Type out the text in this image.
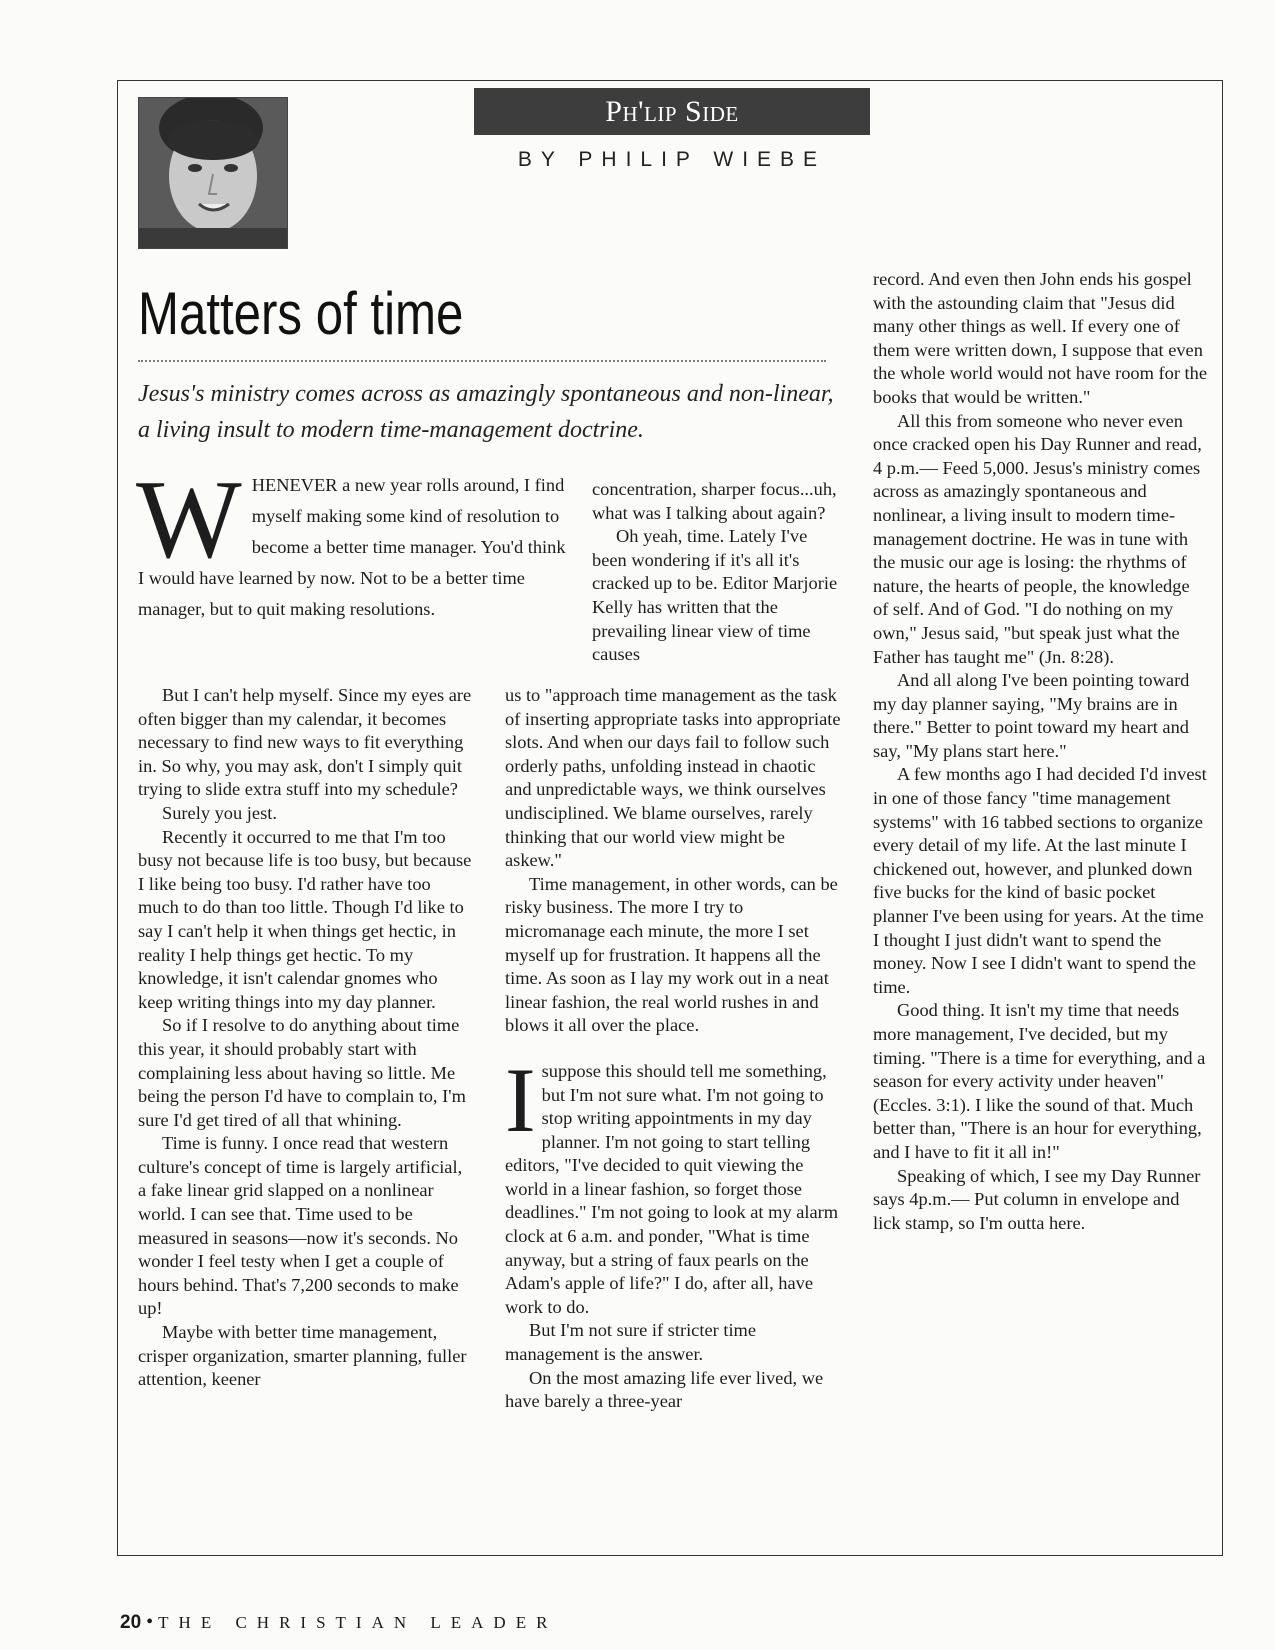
Ph'lip Side
BY PHILIP WIEBE
Matters of time

Jesus's ministry comes across as amazingly spontaneous and non-linear, a living insult to modern time-management doctrine.

W HENEVER a new year rolls around, I find myself making some kind of resolution to become a better time manager. You'd think I would have learned by now. Not to be a better time manager, but to quit making resolutions.

concentration, sharper focus...uh, what was I talking about again?

Oh yeah, time. Lately I've been wondering if it's all it's cracked up to be. Editor Marjorie Kelly has written that the prevailing linear view of time causes

But I can't help myself. Since my eyes are often bigger than my calendar, it becomes necessary to find new ways to fit everything in. So why, you may ask, don't I simply quit trying to slide extra stuff into my schedule?

Surely you jest.

Recently it occurred to me that I'm too busy not because life is too busy, but because I like being too busy. I'd rather have too much to do than too little. Though I'd like to say I can't help it when things get hectic, in reality I help things get hectic. To my knowledge, it isn't calendar gnomes who keep writing things into my day planner.

So if I resolve to do anything about time this year, it should probably start with complaining less about having so little. Me being the person I'd have to complain to, I'm sure I'd get tired of all that whining.

Time is funny. I once read that western culture's concept of time is largely artificial, a fake linear grid slapped on a nonlinear world. I can see that. Time used to be measured in seasons—now it's seconds. No wonder I feel testy when I get a couple of hours behind. That's 7,200 seconds to make up!

Maybe with better time management, crisper organization, smarter planning, fuller attention, keener

us to "approach time management as the task of inserting appropriate tasks into appropriate slots. And when our days fail to follow such orderly paths, unfolding instead in chaotic and unpredictable ways, we think ourselves undisciplined. We blame ourselves, rarely thinking that our world view might be askew."

Time management, in other words, can be risky business. The more I try to micromanage each minute, the more I set myself up for frustration. It happens all the time. As soon as I lay my work out in a neat linear fashion, the real world rushes in and blows it all over the place.

I suppose this should tell me something, but I'm not sure what. I'm not going to stop writing appointments in my day planner. I'm not going to start telling editors, "I've decided to quit viewing the world in a linear fashion, so forget those deadlines." I'm not going to look at my alarm clock at 6 a.m. and ponder, "What is time anyway, but a string of faux pearls on the Adam's apple of life?" I do, after all, have work to do.

But I'm not sure if stricter time management is the answer.

On the most amazing life ever lived, we have barely a three-year

record. And even then John ends his gospel with the astounding claim that "Jesus did many other things as well. If every one of them were written down, I suppose that even the whole world would not have room for the books that would be written."

All this from someone who never even once cracked open his Day Runner and read, 4 p.m.— Feed 5,000. Jesus's ministry comes across as amazingly spontaneous and nonlinear, a living insult to modern time-management doctrine. He was in tune with the music our age is losing: the rhythms of nature, the hearts of people, the knowledge of self. And of God. "I do nothing on my own," Jesus said, "but speak just what the Father has taught me" (Jn. 8:28).

And all along I've been pointing toward my day planner saying, "My brains are in there." Better to point toward my heart and say, "My plans start here."

A few months ago I had decided I'd invest in one of those fancy "time management systems" with 16 tabbed sections to organize every detail of my life. At the last minute I chickened out, however, and plunked down five bucks for the kind of basic pocket planner I've been using for years. At the time I thought I just didn't want to spend the money. Now I see I didn't want to spend the time.

Good thing. It isn't my time that needs more management, I've decided, but my timing. "There is a time for everything, and a season for every activity under heaven" (Eccles. 3:1). I like the sound of that. Much better than, "There is an hour for everything, and I have to fit it all in!"

Speaking of which, I see my Day Runner says 4p.m.— Put column in envelope and lick stamp, so I'm outta here.

20 • THE CHRISTIAN LEADER
